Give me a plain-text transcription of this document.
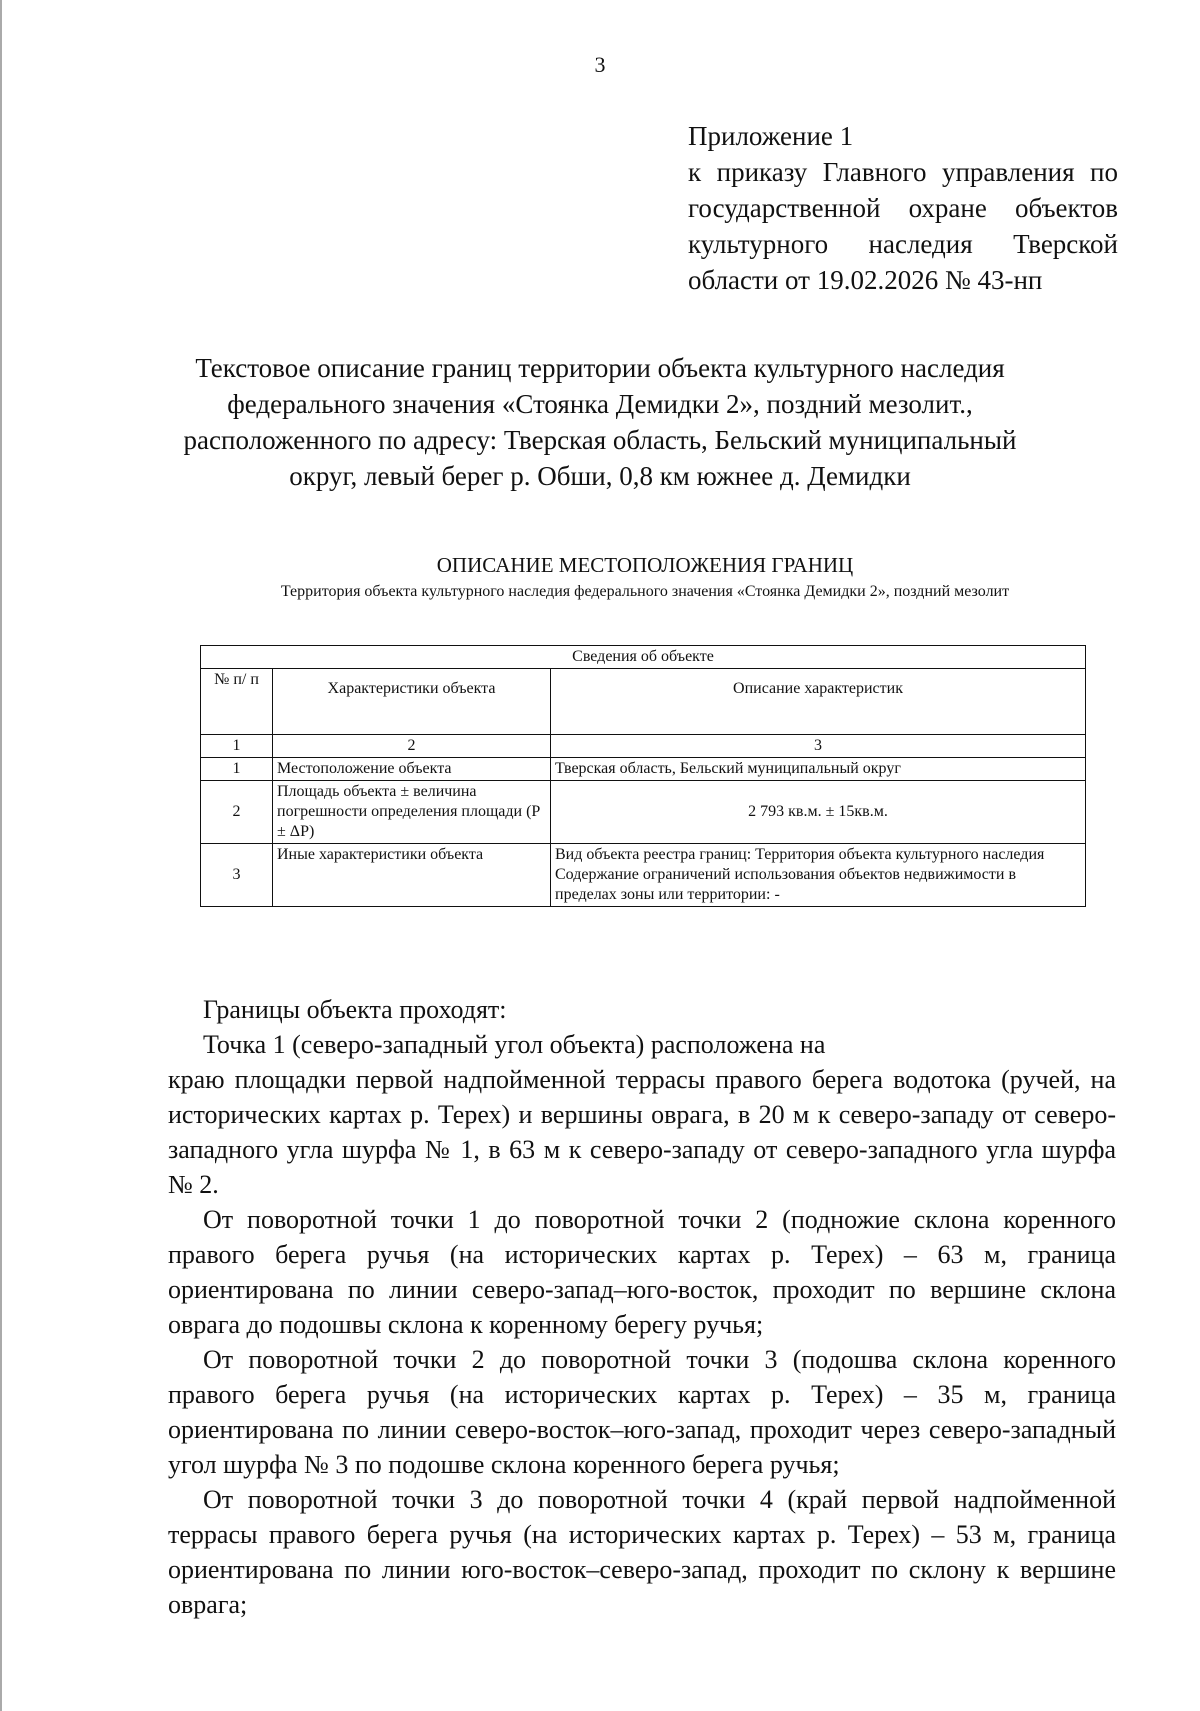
3
Приложение 1
к приказу Главного управления по
государственной охране объектов
культурного наследия Тверской
области от 19.02.2026 № 43-нп
Текстовое описание границ территории объекта культурного наследия
федерального значения «Стоянка Демидки 2», поздний мезолит.,
расположенного по адресу: Тверская область, Бельский муниципальный
округ, левый берег р. Обши, 0,8 км южнее д. Демидки
ОПИСАНИЕ МЕСТОПОЛОЖЕНИЯ ГРАНИЦ
Территория объекта культурного наследия федерального значения «Стоянка Демидки 2», поздний мезолит
Сведения об объекте		
№ п/ п	Характеристики объекта	Описание характеристик
1	2	3
1	Местоположение объекта	Тверская область, Бельский муниципальный округ
2	Площадь объекта ± величина погрешности определения площади (Р ± ΔР)	2 793 кв.м. ± 15кв.м.
3	Иные характеристики объекта	Вид объекта реестра границ: Территория объекта культурного наследия
Содержание ограничений использования объектов недвижимости в пределах зоны или территории: -

Границы объекта проходят:

Точка 1 (северо-западный угол объекта) расположена на

краю площадки первой надпойменной террасы правого берега водотока (ручей, на исторических картах р. Терех) и вершины оврага, в 20 м к северо-западу от северо-западного угла шурфа № 1, в 63 м к северо-западу от северо-западного угла шурфа № 2.

От поворотной точки 1 до поворотной точки 2 (подножие склона коренного правого берега ручья (на исторических картах р. Терех) – 63 м, граница ориентирована по линии северо-запад–юго-восток, проходит по вершине склона оврага до подошвы склона к коренному берегу ручья;

От поворотной точки 2 до поворотной точки 3 (подошва склона коренного правого берега ручья (на исторических картах р. Терех) – 35 м, граница ориентирована по линии северо-восток–юго-запад, проходит через северо-западный угол шурфа № 3 по подошве склона коренного берега ручья;

От поворотной точки 3 до поворотной точки 4 (край первой надпойменной террасы правого берега ручья (на исторических картах р. Терех) – 53 м, граница ориентирована по линии юго-восток–северо-запад, проходит по склону к вершине оврага;
